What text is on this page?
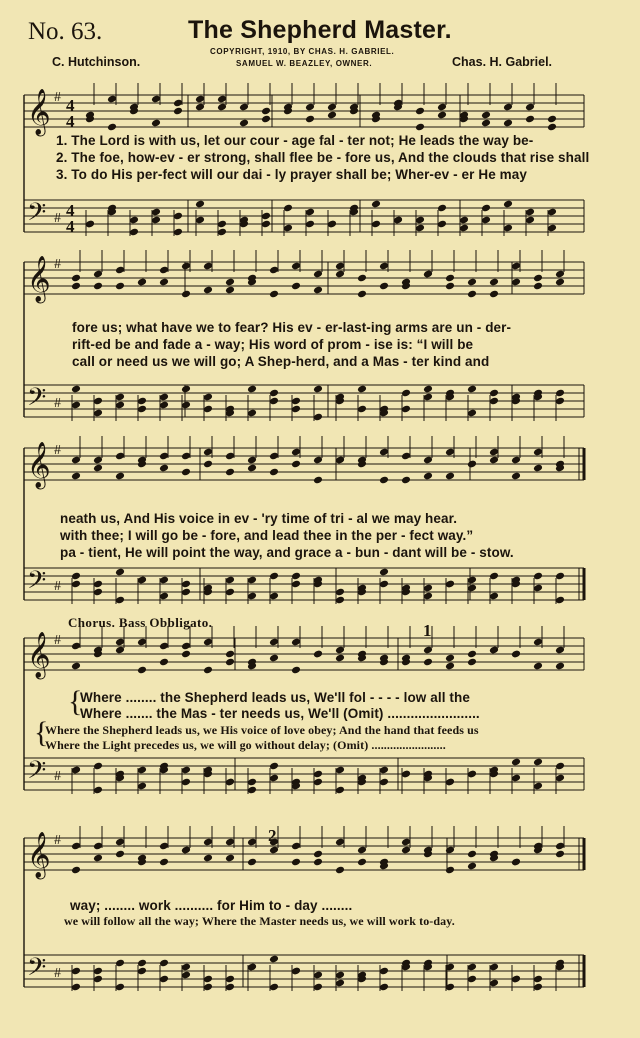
No. 63.	The Shepherd Master.
COPYRIGHT, 1910, BY CHAS. H. GABRIEL.
SAMUEL W. BEAZLEY, OWNER.
C. Hutchinson.	Chas. H. Gabriel.
𝄞
𝄢
#
#
4
4
4
4
𝄞
𝄢
#
#
𝄞
𝄢
#
#
𝄞
𝄢
#
#
𝄞
𝄢
#
#
1. The Lord is with us, let our cour - age fal - ter not; He leads the way be-
2. The foe, how-ev - er strong, shall flee be - fore us, And the clouds that rise shall
3. To do His per-fect will our dai - ly prayer shall be; Wher-ev - er He may
fore us; what have we to fear? His ev - er-last-ing arms are un - der-
rift-ed be and fade a - way; His word of prom - ise is: “I will be
call or need us we will go; A Shep-herd, and a Mas - ter kind and
neath us, And His voice in ev - 'ry time of tri - al we may hear.
with thee; I will go be - fore, and lead thee in the per - fect way.”
pa - tient, He will point the way, and grace a - bun - dant will be - stow.
Chorus. Bass Obbligato.	1
{
Where ........ the Shepherd leads us, We'll fol - - - - low all the
Where ....... the Mas - ter needs us, We'll (Omit) ........................
{
Where the Shepherd leads us, we His voice of love obey; And the hand that feeds us
Where the Light precedes us, we will go without delay; (Omit) ........................
2
way; ........ work .......... for Him to - day ........
we will follow all the way; Where the Master needs us, we will work to-day.
